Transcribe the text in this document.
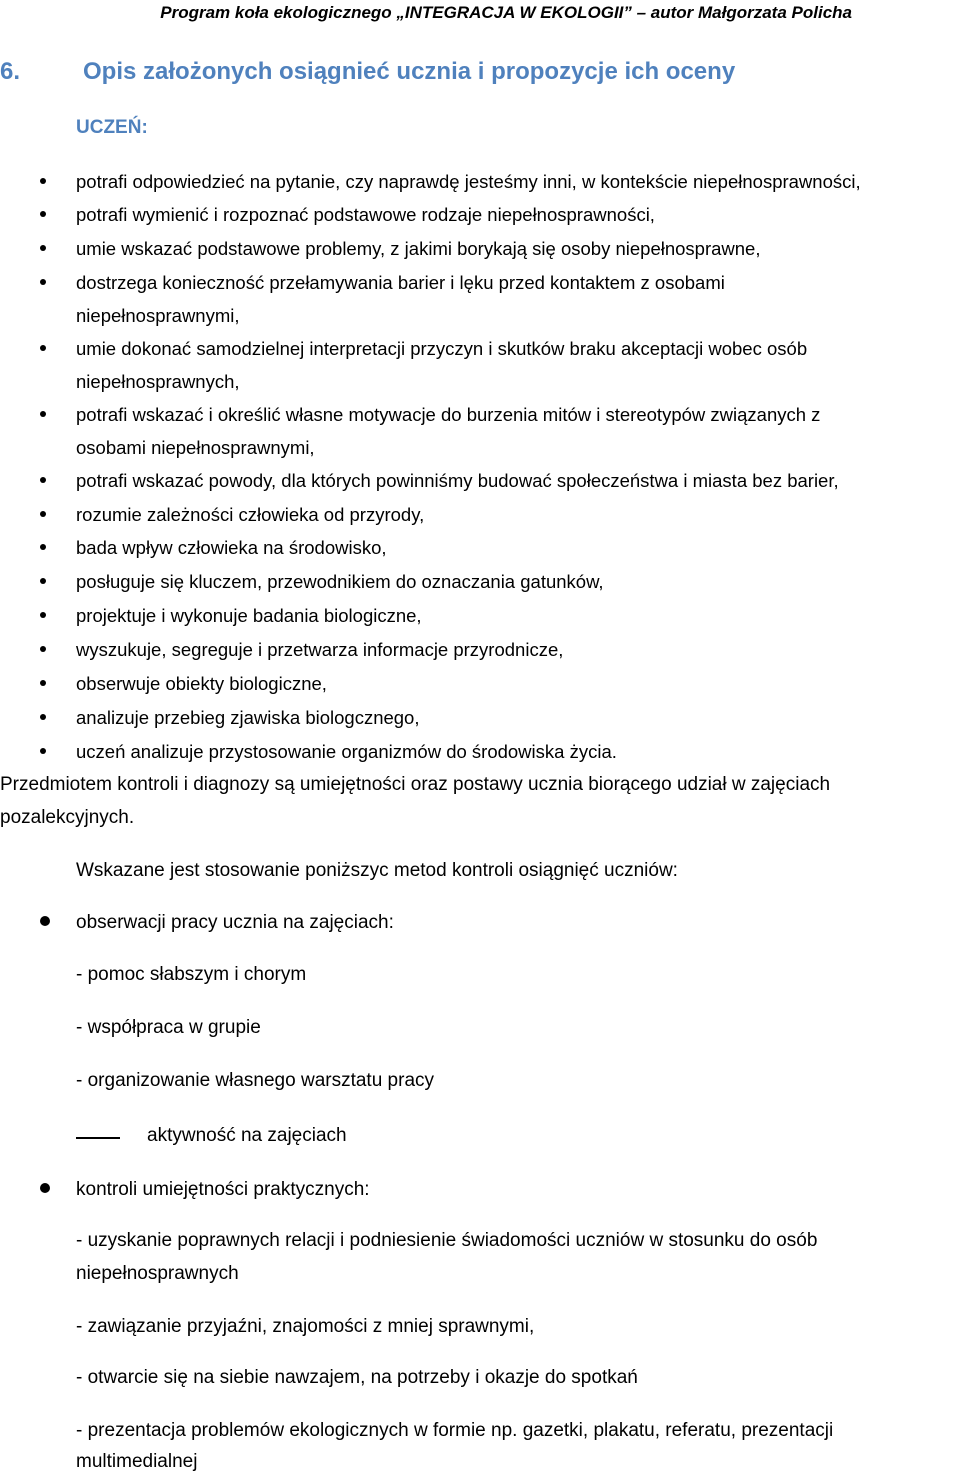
Program koła ekologicznego „INTEGRACJA W EKOLOGII” – autor Małgorzata Policha
6.	Opis założonych osiągnieć ucznia i propozycje ich oceny
UCZEŃ:
potrafi odpowiedzieć na pytanie, czy naprawdę jesteśmy inni, w kontekście niepełnosprawności,
potrafi wymienić i rozpoznać podstawowe rodzaje niepełnosprawności,
umie wskazać podstawowe problemy, z jakimi borykają się osoby niepełnosprawne,
dostrzega konieczność przełamywania barier i lęku przed kontaktem z osobami
niepełnosprawnymi,
umie dokonać samodzielnej interpretacji przyczyn i skutków braku akceptacji wobec osób
niepełnosprawnych,
potrafi wskazać i określić własne motywacje do burzenia mitów i stereotypów związanych z
osobami niepełnosprawnymi,
potrafi wskazać powody, dla których powinniśmy budować społeczeństwa i miasta bez barier,
rozumie zależności człowieka od przyrody,
bada wpływ człowieka na środowisko,
posługuje się kluczem, przewodnikiem do oznaczania gatunków,
projektuje i wykonuje badania biologiczne,
wyszukuje, segreguje i przetwarza informacje przyrodnicze,
obserwuje obiekty biologiczne,
analizuje przebieg zjawiska biologcznego,
uczeń analizuje przystosowanie organizmów do środowiska życia.
Przedmiotem kontroli i diagnozy są umiejętności oraz postawy ucznia biorącego udział w zajęciach
pozalekcyjnych.
Wskazane jest stosowanie poniższyc metod kontroli osiągnięć uczniów:
obserwacji pracy ucznia na zajęciach:
- pomoc słabszym i chorym
- współpraca w grupie
- organizowanie własnego warsztatu pracy
aktywność na zajęciach
kontroli umiejętności praktycznych:
- uzyskanie poprawnych relacji i podniesienie świadomości uczniów w stosunku do osób
niepełnosprawnych
- zawiązanie przyjaźni, znajomości z mniej sprawnymi,
- otwarcie się na siebie nawzajem, na potrzeby i okazje do spotkań
- prezentacja problemów ekologicznych w formie np. gazetki, plakatu, referatu, prezentacji
multimedialnej
